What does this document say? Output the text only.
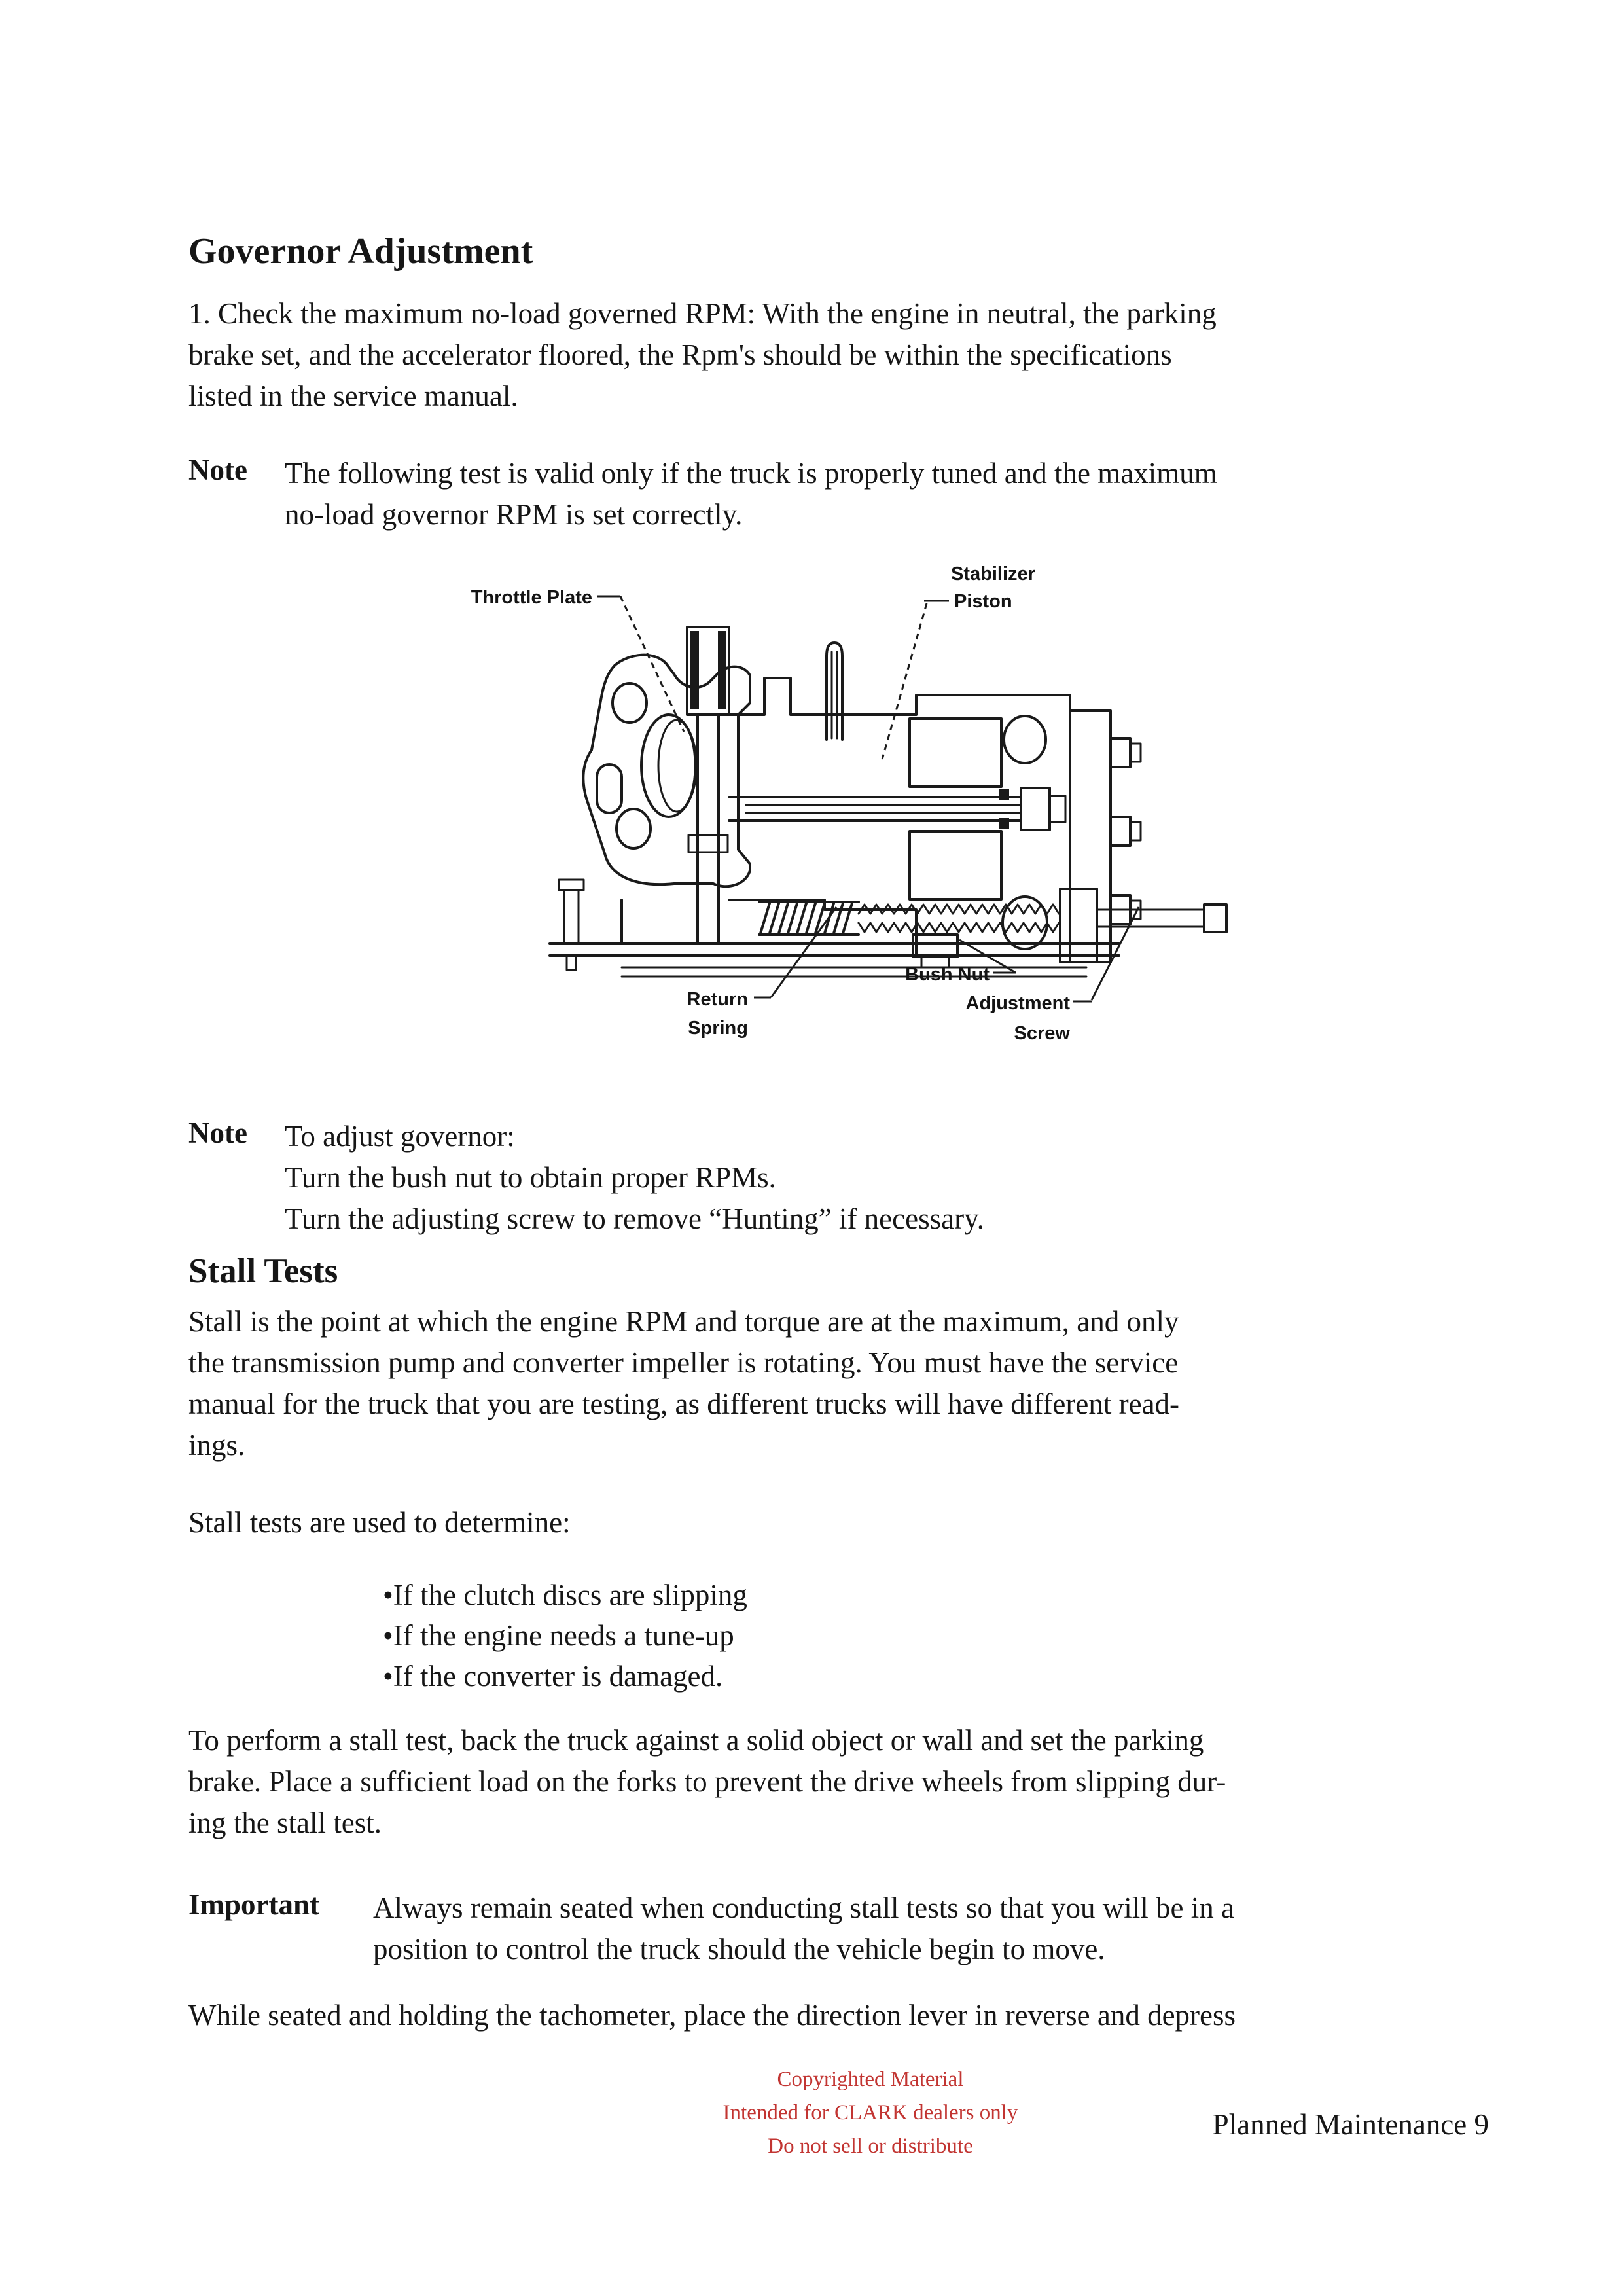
Governor Adjustment
1. Check the maximum no-load governed RPM: With the engine in neutral, the parking
brake set, and the accelerator floored, the Rpm's should be within the specifications
listed in the service manual.
Note The following test is valid only if the truck is properly tuned and the maximum
no-load governor RPM is set correctly.
Throttle Plate
Stabilizer
Piston
Return
Spring
Bush Nut
Adjustment
Screw
Note To adjust governor:
Turn the bush nut to obtain proper RPMs.
Turn the adjusting screw to remove “Hunting” if necessary.
Stall Tests
Stall is the point at which the engine RPM and torque are at the maximum, and only
the transmission pump and converter impeller is rotating. You must have the service
manual for the truck that you are testing, as different trucks will have different read-
ings.
Stall tests are used to determine:
•If the clutch discs are slipping
•If the engine needs a tune-up
•If the converter is damaged.
To perform a stall test, back the truck against a solid object or wall and set the parking
brake. Place a sufficient load on the forks to prevent the drive wheels from slipping dur-
ing the stall test.
Important Always remain seated when conducting stall tests so that you will be in a
position to control the truck should the vehicle begin to move.
While seated and holding the tachometer, place the direction lever in reverse and depress
Copyrighted Material
Intended for CLARK dealers only
Do not sell or distribute
Planned Maintenance 9
